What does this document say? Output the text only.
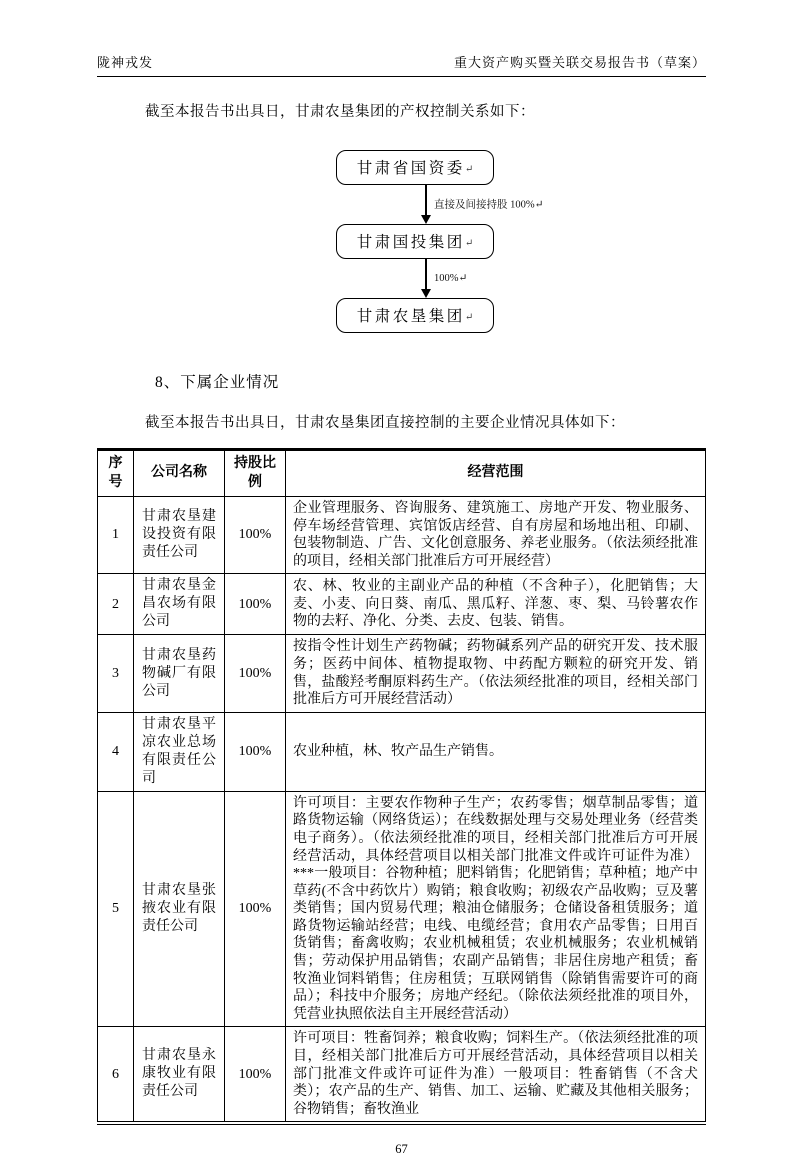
陇神戎发	重大资产购买暨关联交易报告书（草案）

截至本报告书出具日，甘肃农垦集团的产权控制关系如下：

甘肃省国资委↵
直接及间接持股 100%↵
甘肃国投集团↵
100%↵
甘肃农垦集团↵
8、下属企业情况

截至本报告书出具日，甘肃农垦集团直接控制的主要企业情况具体如下：

序号	公司名称	持股比例	经营范围
1	甘肃农垦建设投资有限责任公司	100%	企业管理服务、咨询服务、建筑施工、房地产开发、物业服务、停车场经营管理、宾馆饭店经营、自有房屋和场地出租、印刷、包装物制造、广告、文化创意服务、养老业服务。（依法须经批准的项目，经相关部门批准后方可开展经营）
2	甘肃农垦金昌农场有限公司	100%	农、林、牧业的主副业产品的种植（不含种子），化肥销售；大麦、小麦、向日葵、南瓜、黑瓜籽、洋葱、枣、梨、马铃薯农作物的去籽、净化、分类、去皮、包装、销售。
3	甘肃农垦药物碱厂有限公司	100%	按指令性计划生产药物碱；药物碱系列产品的研究开发、技术服务；医药中间体、植物提取物、中药配方颗粒的研究开发、销售，盐酸羟考酮原料药生产。（依法须经批准的项目，经相关部门批准后方可开展经营活动）
4	甘肃农垦平凉农业总场有限责任公司	100%	农业种植，林、牧产品生产销售。
5	甘肃农垦张掖农业有限责任公司	100%	许可项目：主要农作物种子生产；农药零售；烟草制品零售；道路货物运输（网络货运）；在线数据处理与交易处理业务（经营类电子商务）。（依法须经批准的项目，经相关部门批准后方可开展经营活动，具体经营项目以相关部门批准文件或许可证件为准）***一般项目：谷物种植；肥料销售；化肥销售；草种植；地产中草药(不含中药饮片）购销；粮食收购；初级农产品收购；豆及薯类销售；国内贸易代理；粮油仓储服务；仓储设备租赁服务；道路货物运输站经营；电线、电缆经营；食用农产品零售；日用百货销售；畜禽收购；农业机械租赁；农业机械服务；农业机械销售；劳动保护用品销售；农副产品销售；非居住房地产租赁；畜牧渔业饲料销售；住房租赁；互联网销售（除销售需要许可的商品）；科技中介服务；房地产经纪。（除依法须经批准的项目外，凭营业执照依法自主开展经营活动）
6	甘肃农垦永康牧业有限责任公司	100%	许可项目：牲畜饲养；粮食收购；饲料生产。（依法须经批准的项目，经相关部门批准后方可开展经营活动，具体经营项目以相关部门批准文件或许可证件为准）一般项目：牲畜销售（不含犬类）；农产品的生产、销售、加工、运输、贮藏及其他相关服务；谷物销售；畜牧渔业
67
